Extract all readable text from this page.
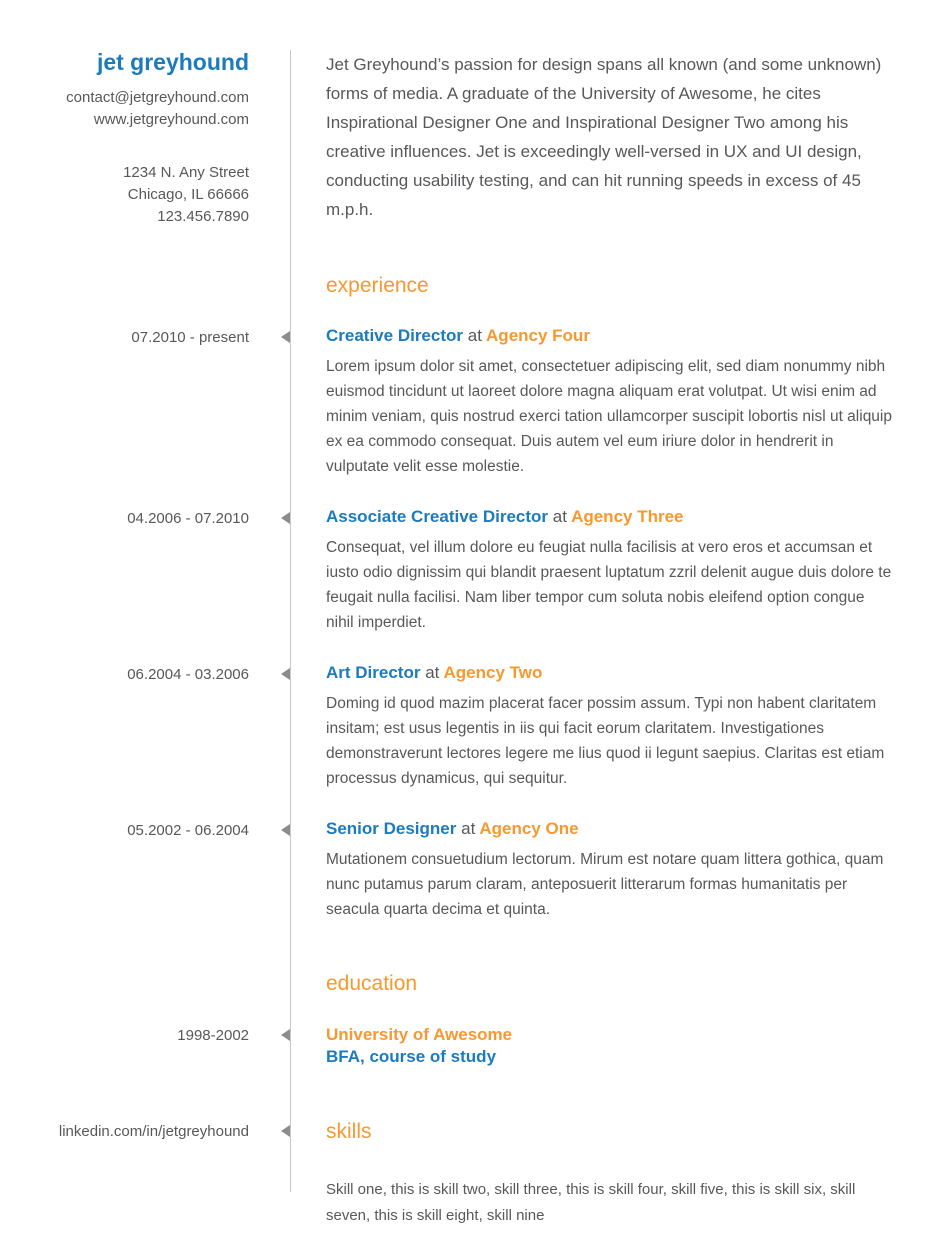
jet greyhound
contact@jetgreyhound.com
www.jetgreyhound.com
1234 N. Any Street
Chicago, IL 66666
123.456.7890

Jet Greyhound’s passion for design spans all known (and some unknown) forms of media. A graduate of the University of Awesome, he cites Inspirational Designer One and Inspirational Designer Two among his creative influences. Jet is exceedingly well-versed in UX and UI design, conducting usability testing, and can hit running speeds in excess of 45 m.p.h.

experience
07.2010 - present	Creative Director at Agency Four

Lorem ipsum dolor sit amet, consectetuer adipiscing elit, sed diam nonummy nibh euismod tincidunt ut laoreet dolore magna aliquam erat volutpat. Ut wisi enim ad minim veniam, quis nostrud exerci tation ullamcorper suscipit lobortis nisl ut aliquip ex ea commodo consequat. Duis autem vel eum iriure dolor in hendrerit in vulputate velit esse molestie.

04.2006 - 07.2010	Associate Creative Director at Agency Three

Consequat, vel illum dolore eu feugiat nulla facilisis at vero eros et accumsan et iusto odio dignissim qui blandit praesent luptatum zzril delenit augue duis dolore te feugait nulla facilisi. Nam liber tempor cum soluta nobis eleifend option congue nihil imperdiet.

06.2004 - 03.2006	Art Director at Agency Two

Doming id quod mazim placerat facer possim assum. Typi non habent claritatem insitam; est usus legentis in iis qui facit eorum claritatem. Investigationes demonstraverunt lectores legere me lius quod ii legunt saepius. Claritas est etiam processus dynamicus, qui sequitur.

05.2002 - 06.2004	Senior Designer at Agency One

Mutationem consuetudium lectorum. Mirum est notare quam littera gothica, quam nunc putamus parum claram, anteposuerit litterarum formas humanitatis per seacula quarta decima et quinta.

education
1998-2002	University of Awesome

BFA, course of study

linkedin.com/in/jetgreyhound	skills

Skill one, this is skill two, skill three, this is skill four, skill five, this is skill six, skill seven, this is skill eight, skill nine
